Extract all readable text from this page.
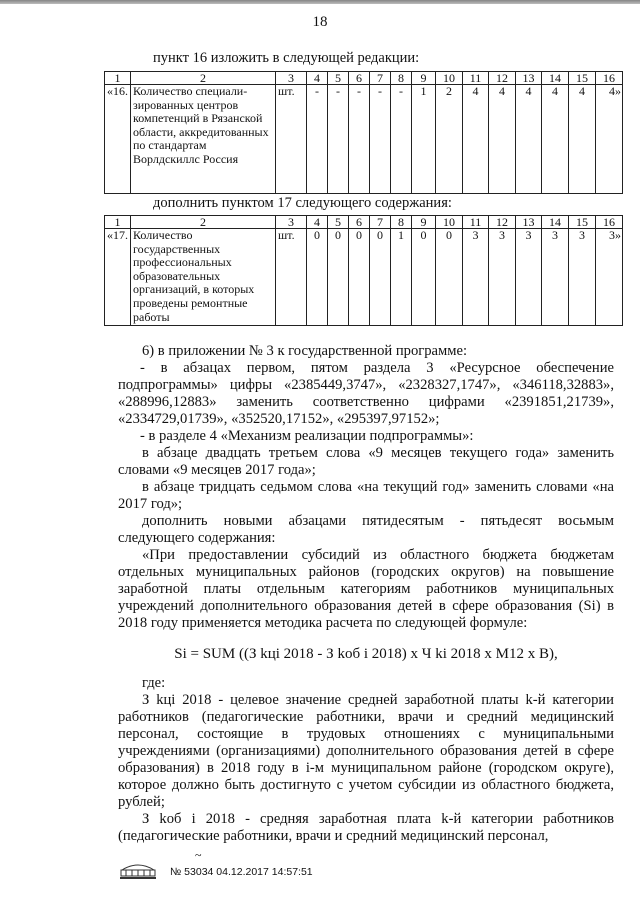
18
пункт 16 изложить в следующей редакции:
1	2	3	4	5	6	7	8	9	10	11	12	13	14	15	16
«16.	Количество специали-зированных центров компетенций в Рязанской области, аккредитованных по стандартам Ворлдскиллс Россия	шт.	-	-	-	-	-	1	2	4	4	4	4	4	4»
дополнить пунктом 17 следующего содержания:
1	2	3	4	5	6	7	8	9	10	11	12	13	14	15	16
«17.	Количество государственных профессиональных образовательных организаций, в которых проведены ремонтные работы	шт.	0	0	0	0	1	0	0	3	3	3	3	3	3»

6) в приложении № 3 к государственной программе:

- в абзацах первом, пятом раздела 3 «Ресурсное обеспечение подпрограммы» цифры «2385449,3747», «2328327,1747», «346118,32883», «288996,12883» заменить соответственно цифрами «2391851,21739», «2334729,01739», «352520,17152», «295397,97152»;

- в разделе 4 «Механизм реализации подпрограммы»:

в абзаце двадцать третьем слова «9 месяцев текущего года» заменить словами «9 месяцев 2017 года»;

в абзаце тридцать седьмом слова «на текущий год» заменить словами «на 2017 год»;

дополнить новыми абзацами пятидесятым - пятьдесят восьмым следующего содержания:

«При предоставлении субсидий из областного бюджета бюджетам отдельных муниципальных районов (городских округов) на повышение заработной платы отдельным категориям работников муниципальных учреждений дополнительного образования детей в сфере образования (Si) в 2018 году применяется методика расчета по следующей формуле:

Si = SUM ((З kцi 2018 - З kоб i 2018) x Ч ki 2018 x M12 x B),

где:

З kцi 2018 - целевое значение средней заработной платы k-й категории работников (педагогические работники, врачи и средний медицинский персонал, состоящие в трудовых отношениях с муниципальными учреждениями (организациями) дополнительного образования детей в сфере образования) в 2018 году в i-м муниципальном районе (городском округе), которое должно быть достигнуто с учетом субсидии из областного бюджета, рублей;

З kоб i 2018 - средняя заработная плата k-й категории работников (педагогические работники, врачи и средний медицинский персонал,

~
№ 53034 04.12.2017 14:57:51
